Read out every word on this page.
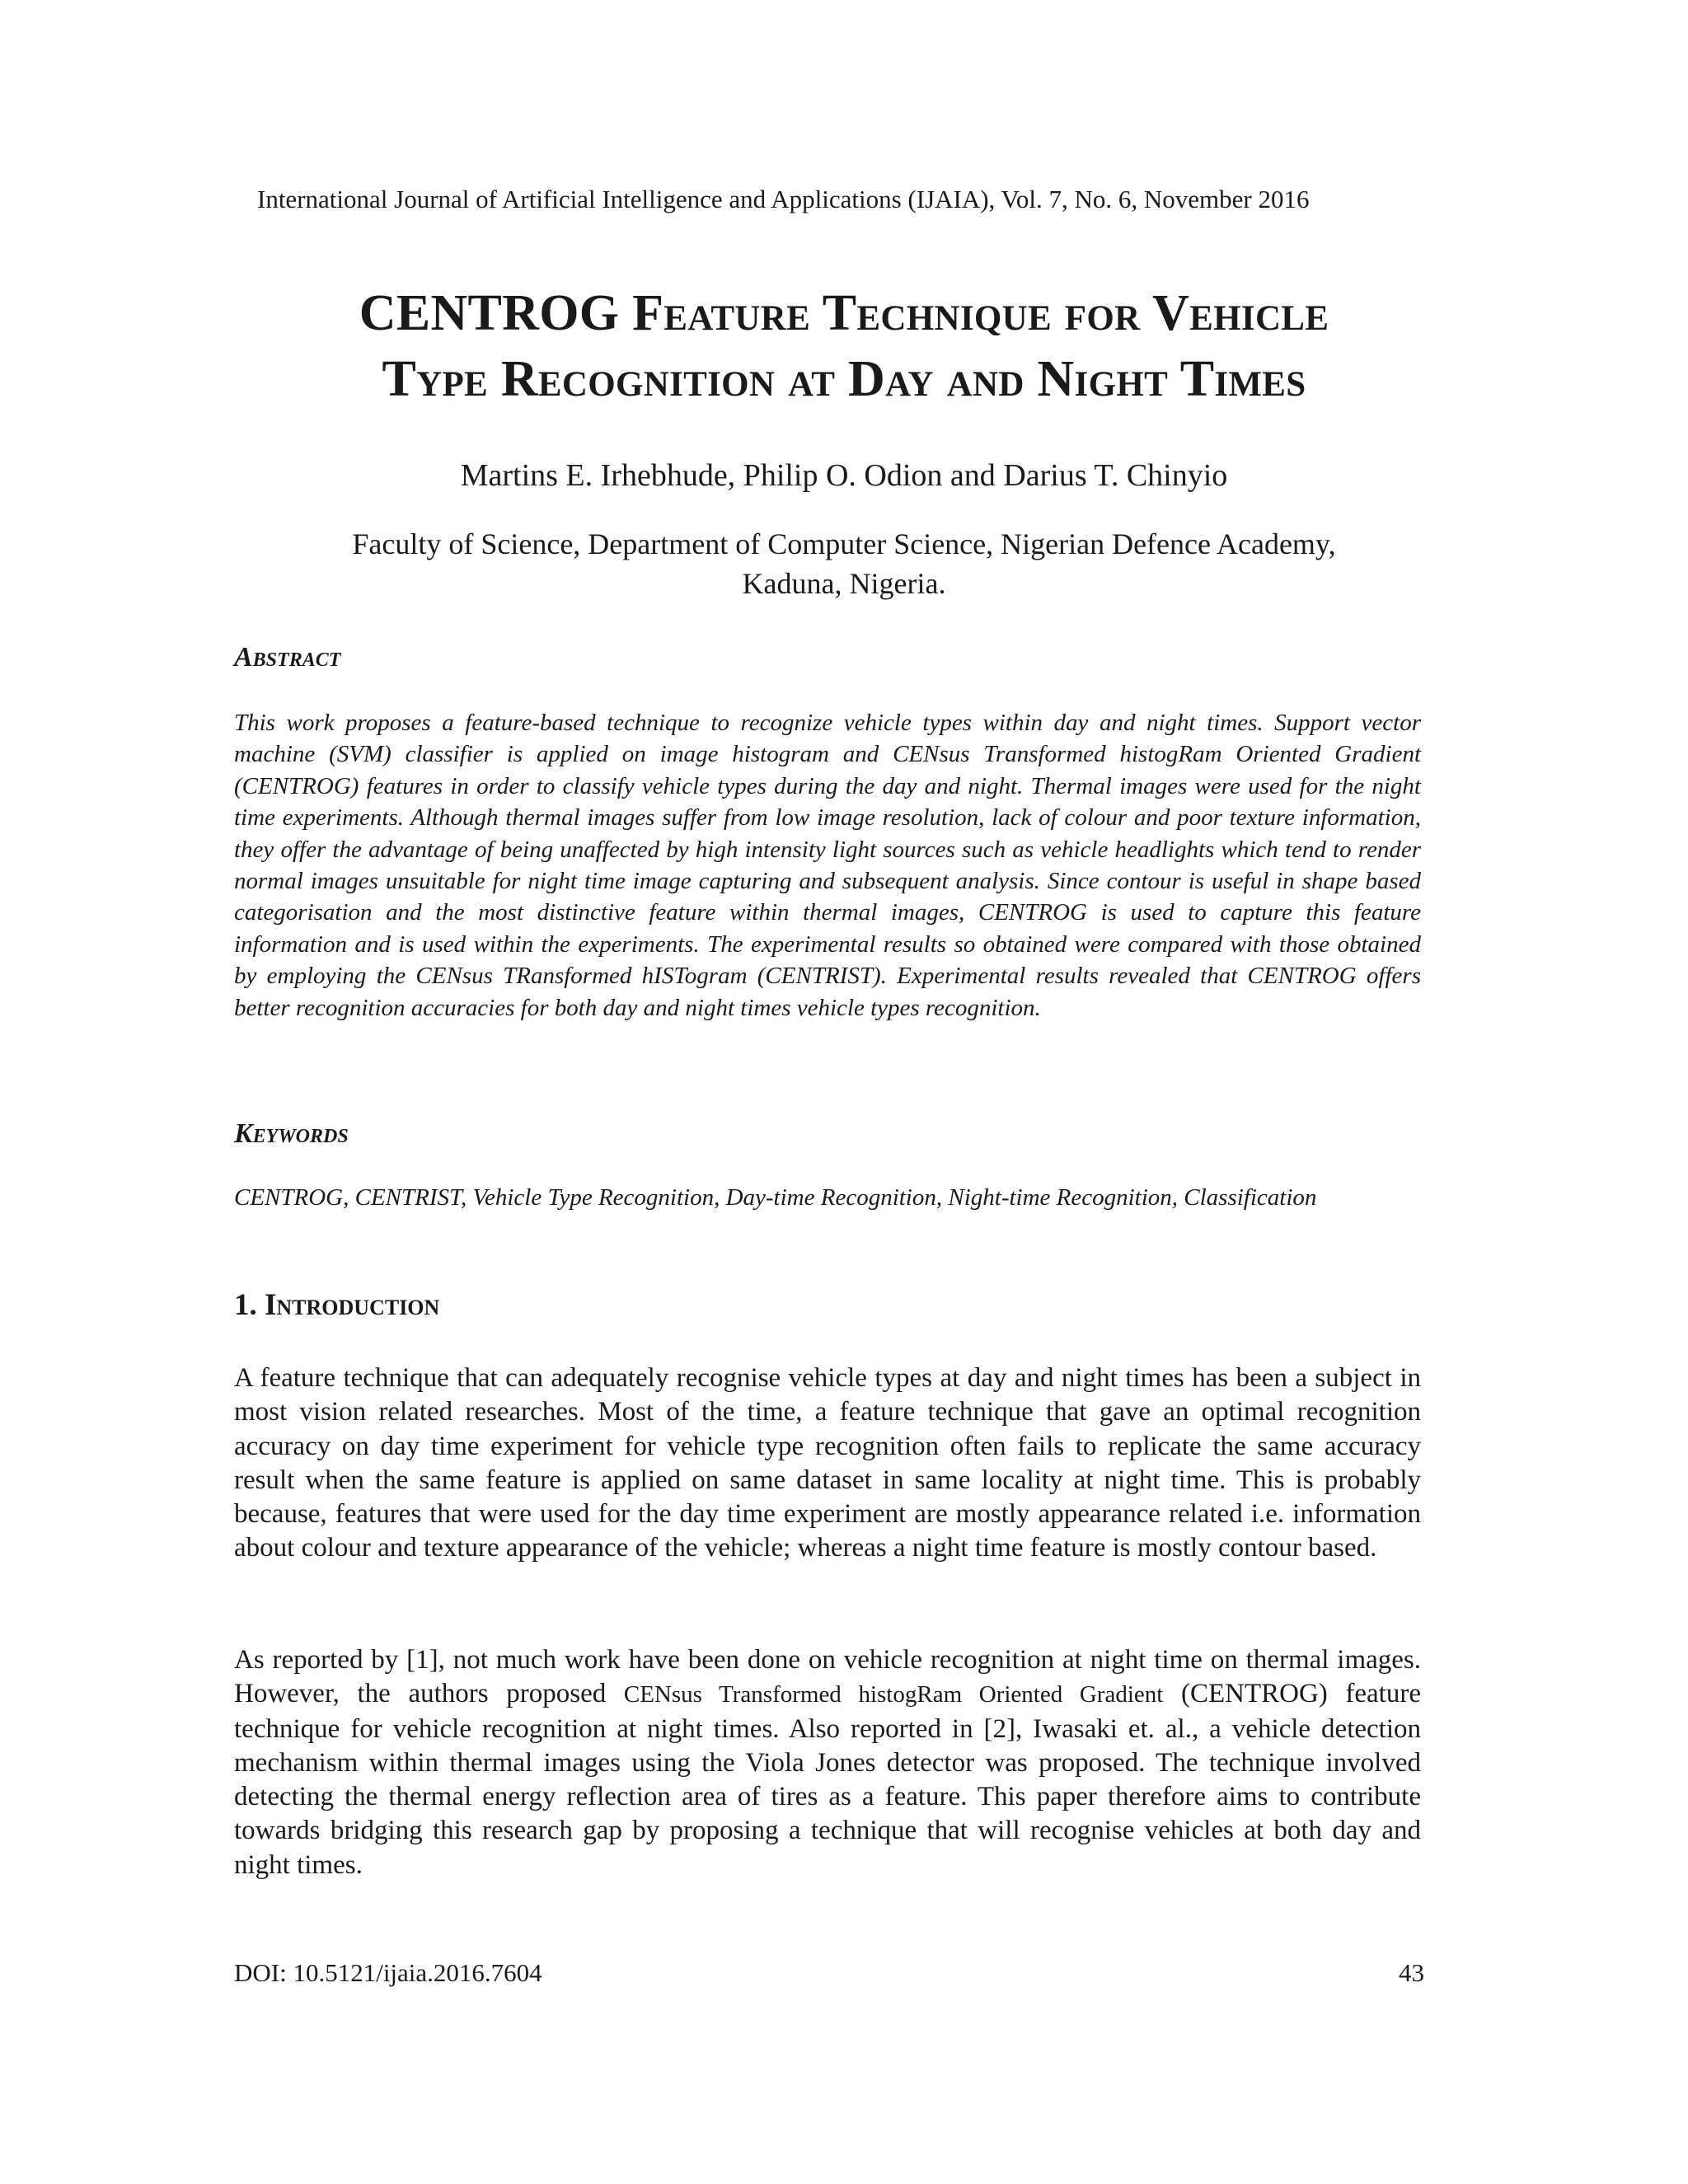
International Journal of Artificial Intelligence and Applications (IJAIA), Vol. 7, No. 6, November 2016
CENTROG Feature Technique for Vehicle
Type Recognition at Day and Night Times
Martins E. Irhebhude, Philip O. Odion and Darius T. Chinyio
Faculty of Science, Department of Computer Science, Nigerian Defence Academy,
Kaduna, Nigeria.
Abstract
This work proposes a feature-based technique to recognize vehicle types within day and night times. Support vector machine (SVM) classifier is applied on image histogram and CENsus Transformed histogRam Oriented Gradient (CENTROG) features in order to classify vehicle types during the day and night. Thermal images were used for the night time experiments. Although thermal images suffer from low image resolution, lack of colour and poor texture information, they offer the advantage of being unaffected by high intensity light sources such as vehicle headlights which tend to render normal images unsuitable for night time image capturing and subsequent analysis. Since contour is useful in shape based categorisation and the most distinctive feature within thermal images, CENTROG is used to capture this feature information and is used within the experiments. The experimental results so obtained were compared with those obtained by employing the CENsus TRansformed hISTogram (CENTRIST). Experimental results revealed that CENTROG offers better recognition accuracies for both day and night times vehicle types recognition.
Keywords
CENTROG, CENTRIST, Vehicle Type Recognition, Day-time Recognition, Night-time Recognition, Classification
1. Introduction
A feature technique that can adequately recognise vehicle types at day and night times has been a subject in most vision related researches. Most of the time, a feature technique that gave an optimal recognition accuracy on day time experiment for vehicle type recognition often fails to replicate the same accuracy result when the same feature is applied on same dataset in same locality at night time. This is probably because, features that were used for the day time experiment are mostly appearance related i.e. information about colour and texture appearance of the vehicle; whereas a night time feature is mostly contour based.
As reported by [1], not much work have been done on vehicle recognition at night time on thermal images. However, the authors proposed CENsus Transformed histogRam Oriented Gradient (CENTROG) feature technique for vehicle recognition at night times. Also reported in [2], Iwasaki et. al., a vehicle detection mechanism within thermal images using the Viola Jones detector was proposed. The technique involved detecting the thermal energy reflection area of tires as a feature. This paper therefore aims to contribute towards bridging this research gap by proposing a technique that will recognise vehicles at both day and night times.
DOI: 10.5121/ijaia.2016.7604	43
